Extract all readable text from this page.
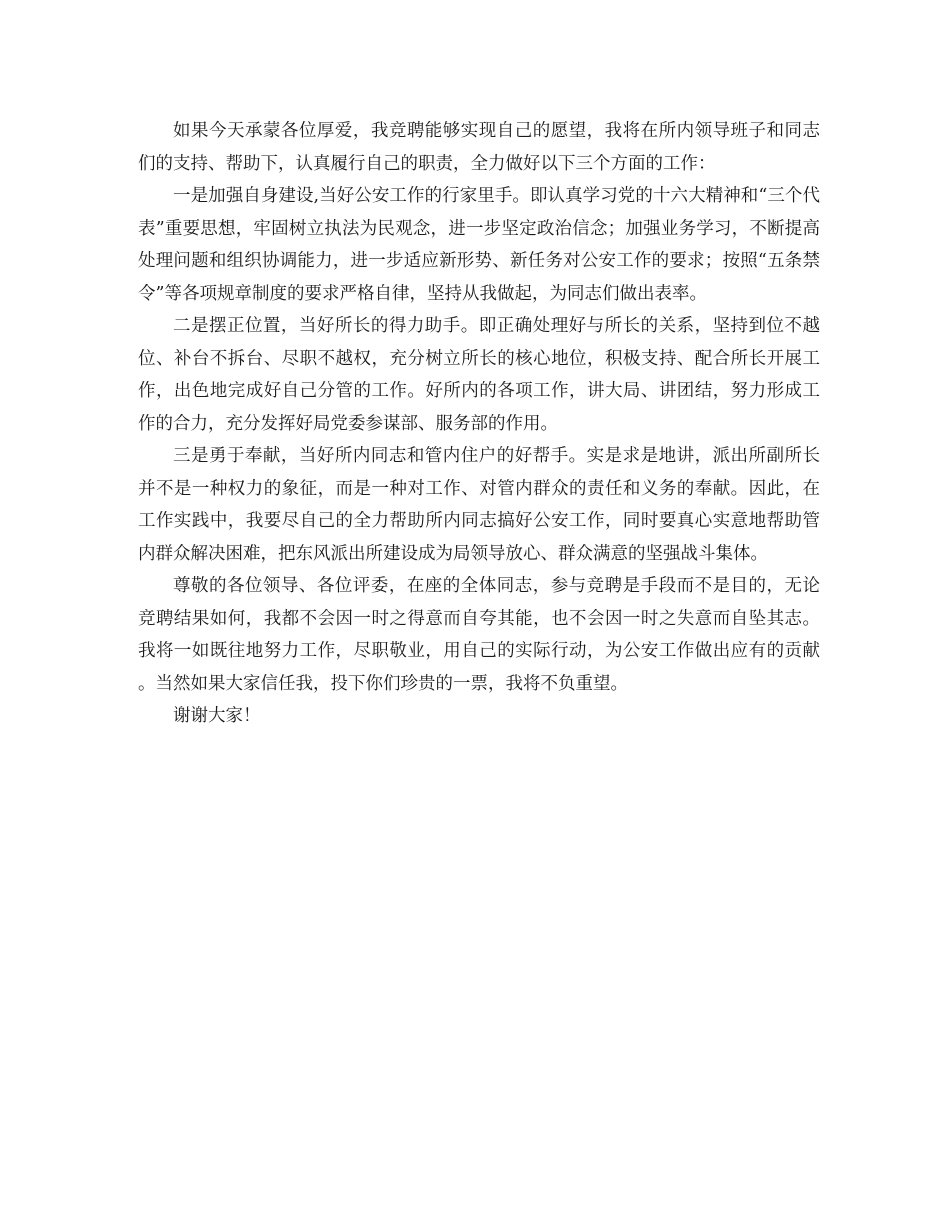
如果今天承蒙各位厚爱，我竞聘能够实现自己的愿望，我将在所内领导班子和同志们的支持、帮助下，认真履行自己的职责，全力做好以下三个方面的工作：

一是加强自身建设,当好公安工作的行家里手。即认真学习党的十六大精神和“三个代表”重要思想，牢固树立执法为民观念，进一步坚定政治信念；加强业务学习，不断提高处理问题和组织协调能力，进一步适应新形势、新任务对公安工作的要求；按照“五条禁令”等各项规章制度的要求严格自律，坚持从我做起，为同志们做出表率。

二是摆正位置，当好所长的得力助手。即正确处理好与所长的关系，坚持到位不越位、补台不拆台、尽职不越权，充分树立所长的核心地位，积极支持、配合所长开展工作，出色地完成好自己分管的工作。好所内的各项工作，讲大局、讲团结，努力形成工作的合力，充分发挥好局党委参谋部、服务部的作用。

三是勇于奉献，当好所内同志和管内住户的好帮手。实是求是地讲，派出所副所长并不是一种权力的象征，而是一种对工作、对管内群众的责任和义务的奉献。因此，在工作实践中，我要尽自己的全力帮助所内同志搞好公安工作，同时要真心实意地帮助管内群众解决困难，把东风派出所建设成为局领导放心、群众满意的坚强战斗集体。

尊敬的各位领导、各位评委，在座的全体同志，参与竞聘是手段而不是目的，无论竞聘结果如何，我都不会因一时之得意而自夸其能，也不会因一时之失意而自坠其志。我将一如既往地努力工作，尽职敬业，用自己的实际行动，为公安工作做出应有的贡献。当然如果大家信任我，投下你们珍贵的一票，我将不负重望。

谢谢大家！
